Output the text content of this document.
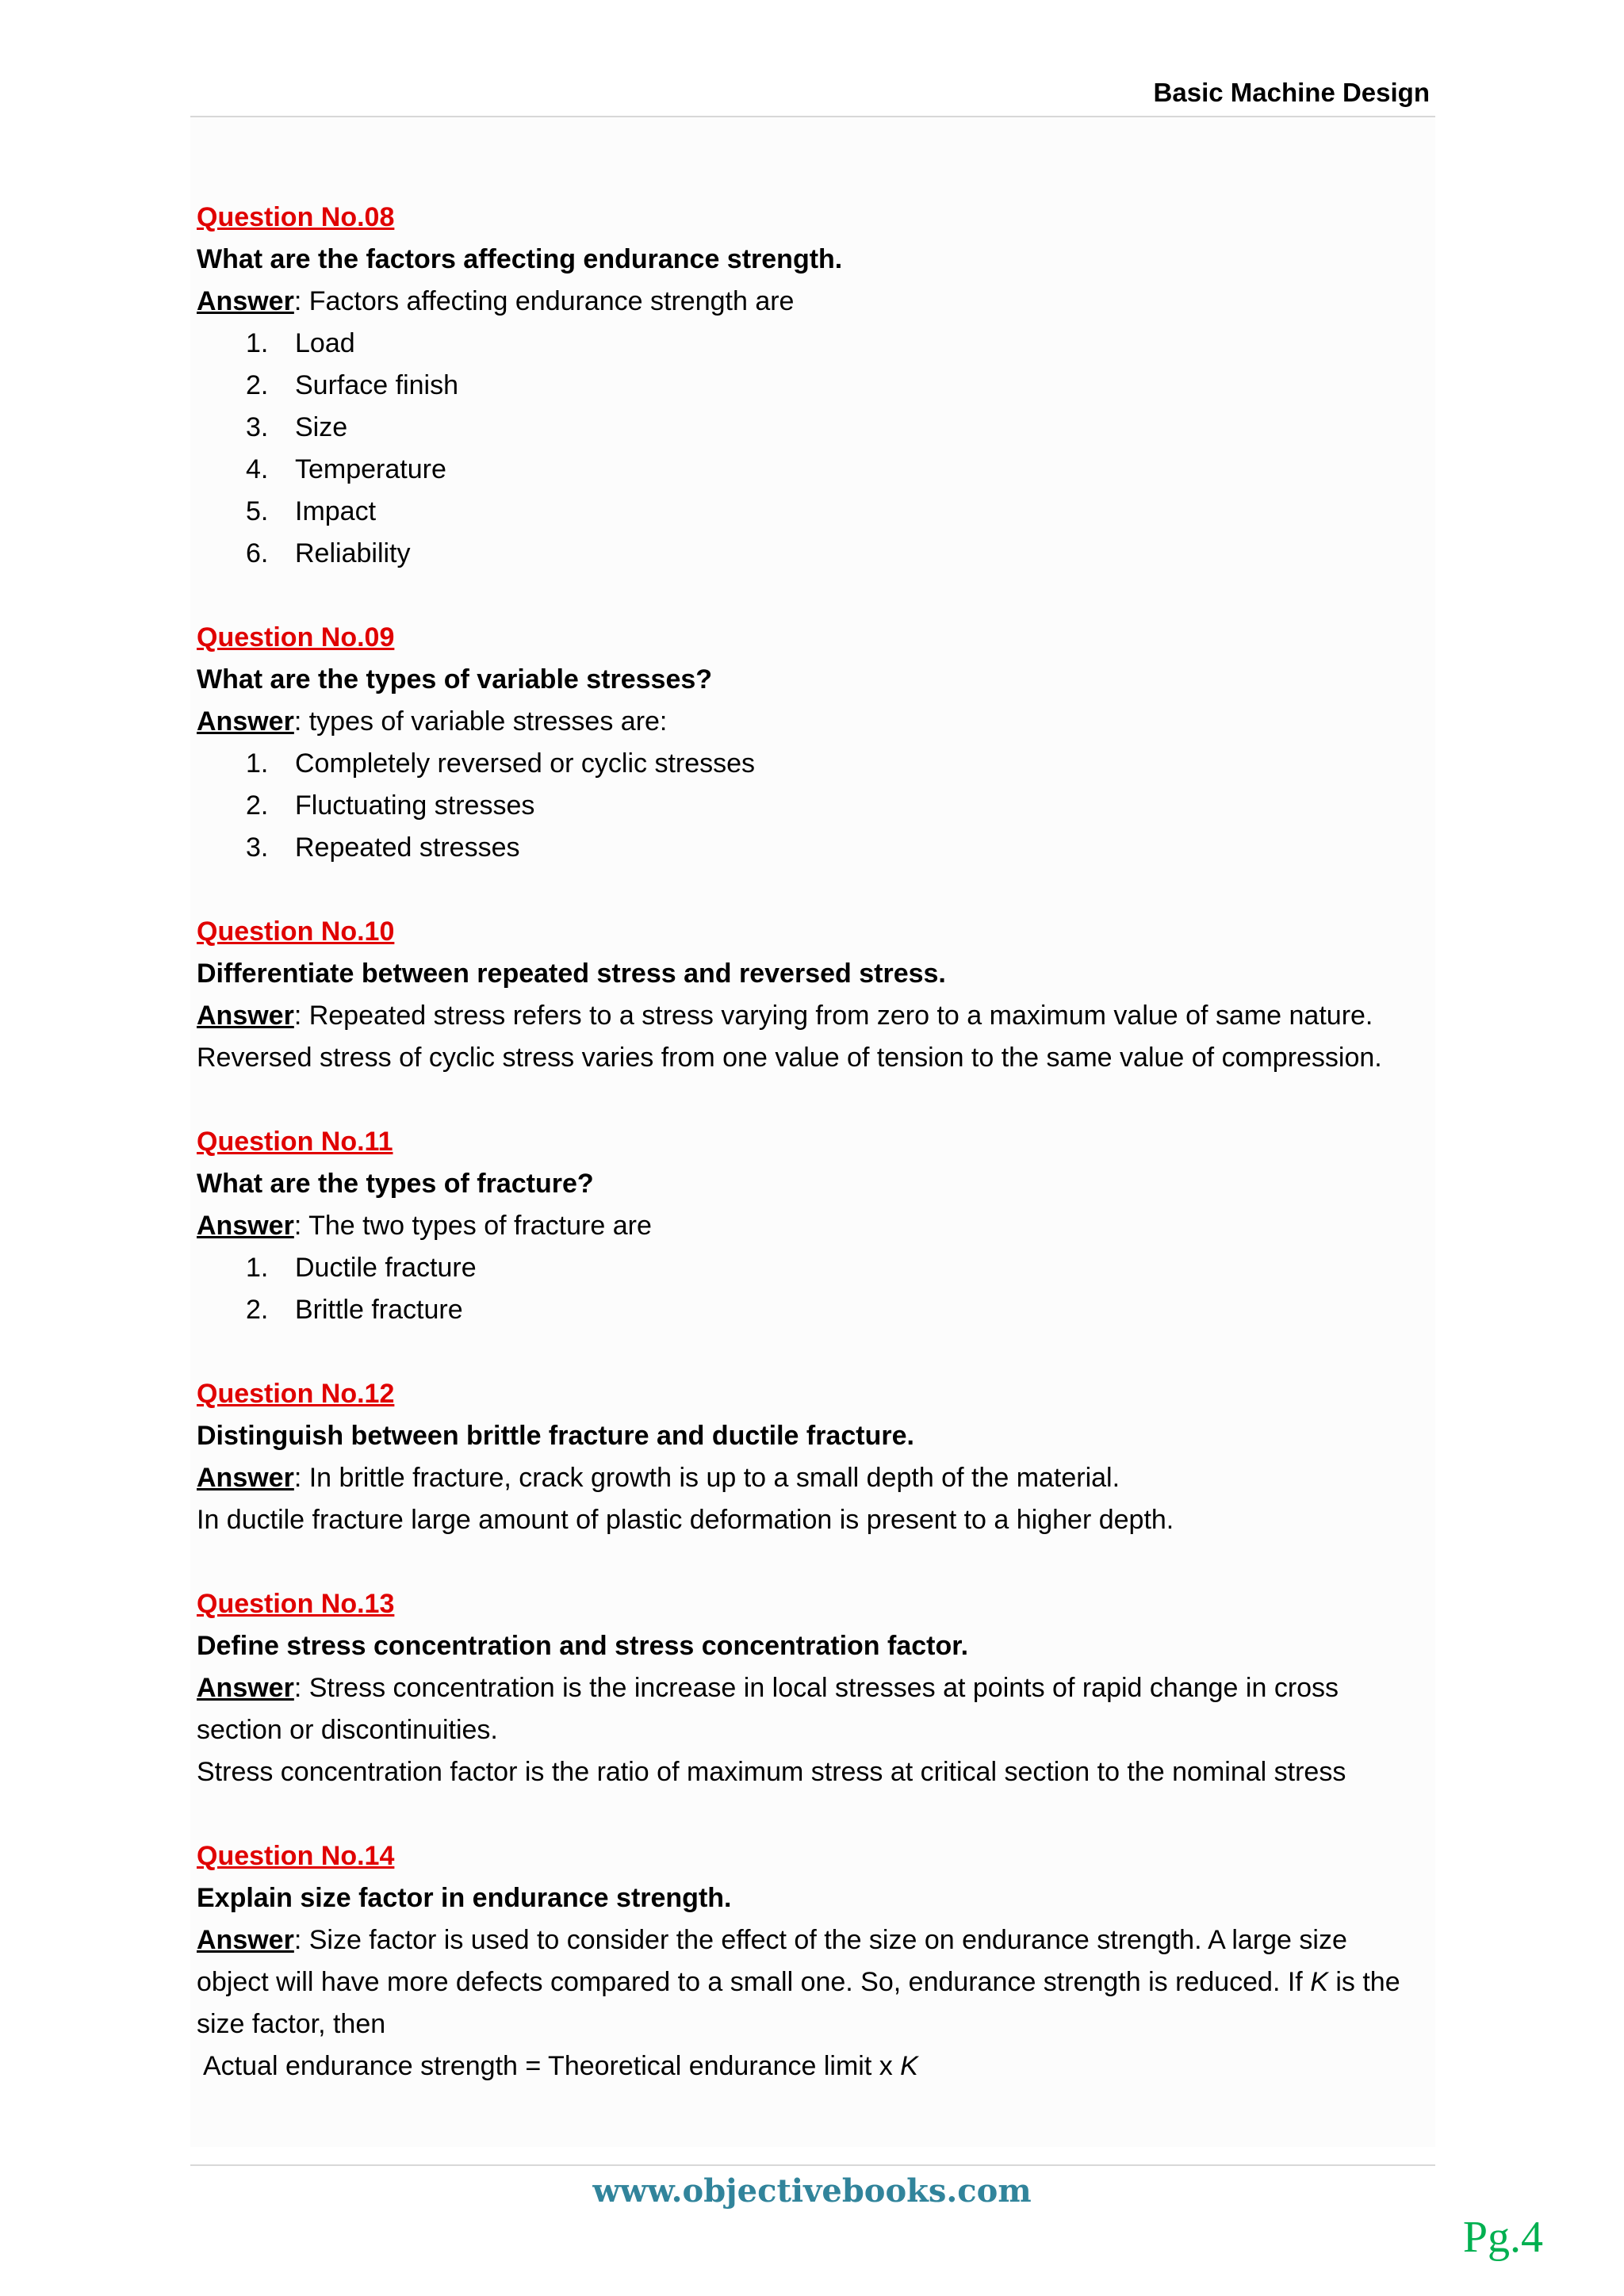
Basic Machine Design
Question No.08
What are the factors affecting endurance strength.
Answer: Factors affecting endurance strength are
1. Load
2. Surface finish
3. Size
4. Temperature
5. Impact
6. Reliability
Question No.09
What are the types of variable stresses?
Answer: types of variable stresses are:
1. Completely reversed or cyclic stresses
2. Fluctuating stresses
3. Repeated stresses
Question No.10
Differentiate between repeated stress and reversed stress.
Answer: Repeated stress refers to a stress varying from zero to a maximum value of same nature.
Reversed stress of cyclic stress varies from one value of tension to the same value of compression.
Question No.11
What are the types of fracture?
Answer: The two types of fracture are
1. Ductile fracture
2. Brittle fracture
Question No.12
Distinguish between brittle fracture and ductile fracture.
Answer: In brittle fracture, crack growth is up to a small depth of the material.
In ductile fracture large amount of plastic deformation is present to a higher depth.
Question No.13
Define stress concentration and stress concentration factor.
Answer: Stress concentration is the increase in local stresses at points of rapid change in cross
section or discontinuities.
Stress concentration factor is the ratio of maximum stress at critical section to the nominal stress
Question No.14
Explain size factor in endurance strength.
Answer: Size factor is used to consider the effect of the size on endurance strength. A large size
object will have more defects compared to a small one. So, endurance strength is reduced. If K is the
size factor, then
Actual endurance strength = Theoretical endurance limit x K
www.objectivebooks.com
Pg.4
